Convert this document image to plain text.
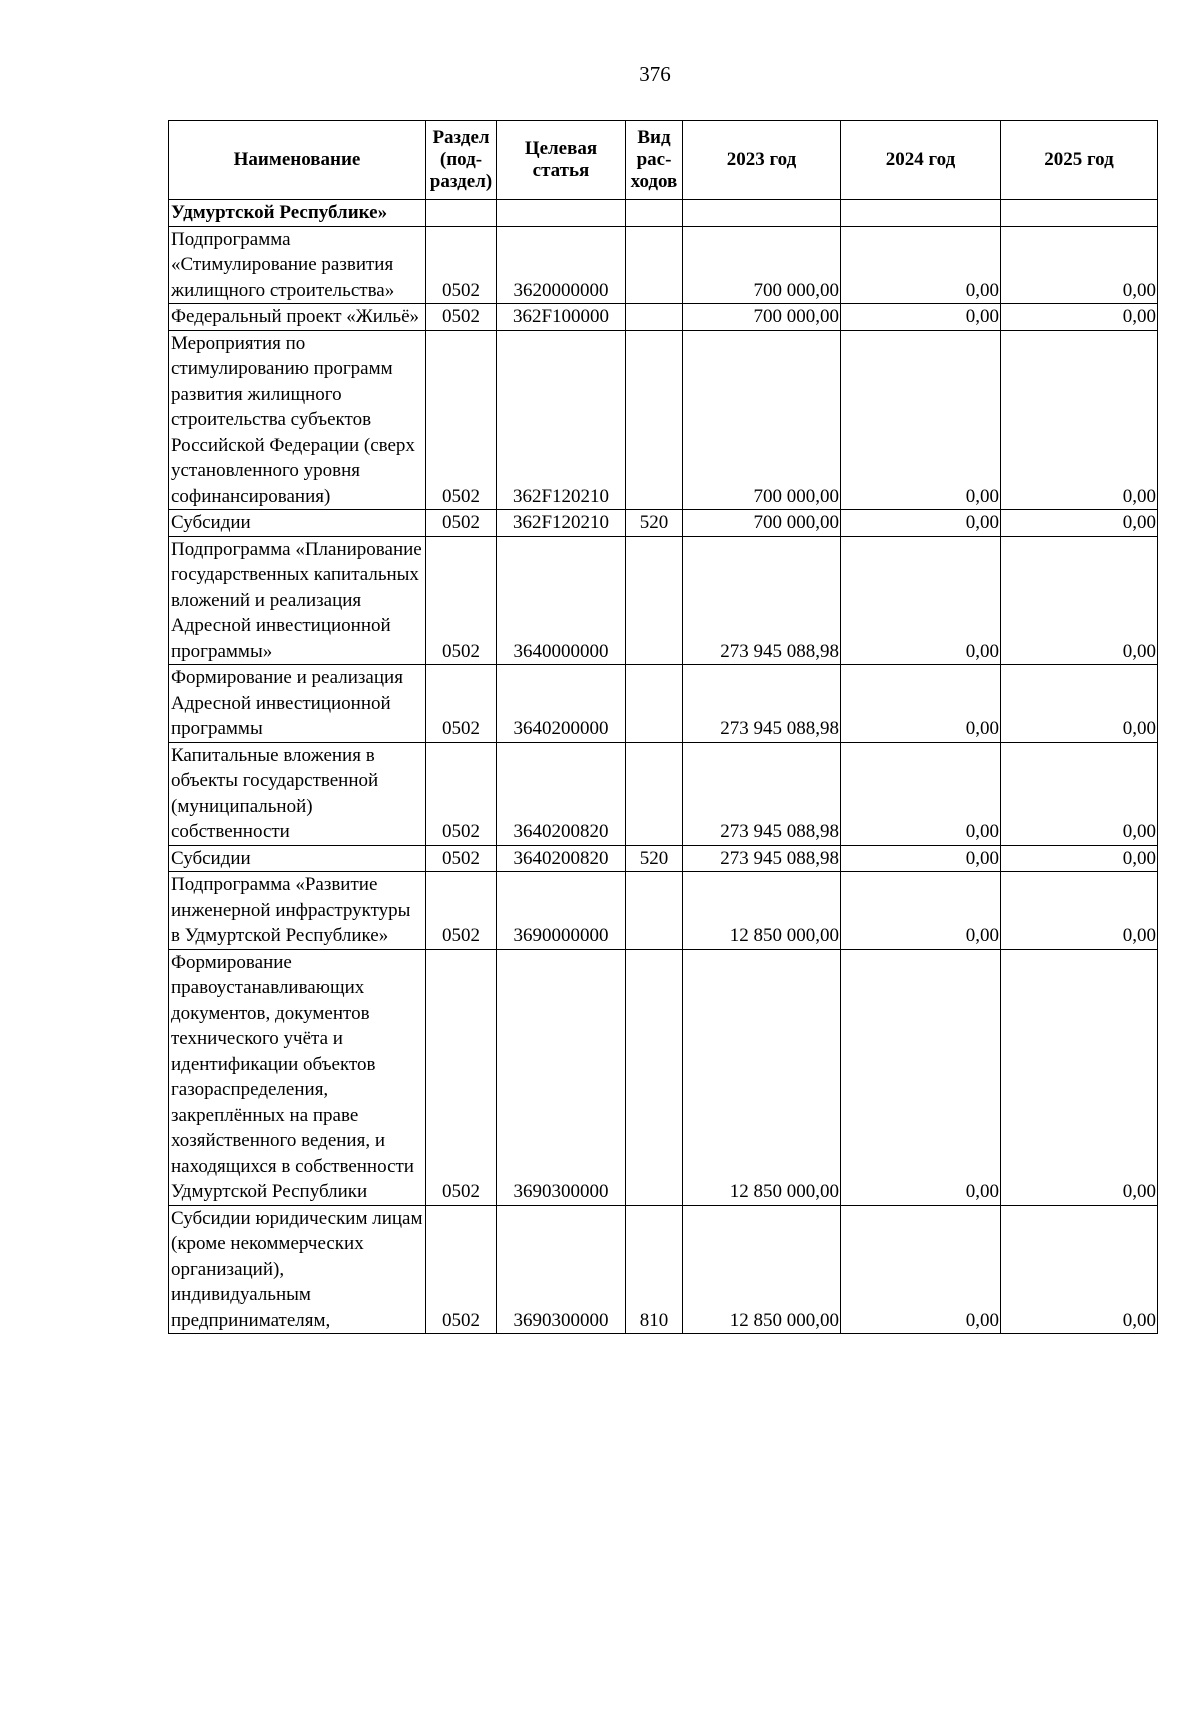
376
Наименование	Раздел (под-раздел)	Целевая статья	Вид рас-ходов	2023 год	2024 год	2025 год
Удмуртской Республике»						
Подпрограмма «Стимулирование развития жилищного строительства»	0502	3620000000		700 000,00	0,00	0,00
Федеральный проект «Жильё»	0502	362F100000		700 000,00	0,00	0,00
Мероприятия по стимулированию программ развития жилищного строительства субъектов Российской Федерации (сверх установленного уровня софинансирования)	0502	362F120210		700 000,00	0,00	0,00
Субсидии	0502	362F120210	520	700 000,00	0,00	0,00
Подпрограмма «Планирование государственных капитальных вложений и реализация Адресной инвестиционной программы»	0502	3640000000		273 945 088,98	0,00	0,00
Формирование и реализация Адресной инвестиционной программы	0502	3640200000		273 945 088,98	0,00	0,00
Капитальные вложения в объекты государственной (муниципальной) собственности	0502	3640200820		273 945 088,98	0,00	0,00
Субсидии	0502	3640200820	520	273 945 088,98	0,00	0,00
Подпрограмма «Развитие инженерной инфраструктуры в Удмуртской Республике»	0502	3690000000		12 850 000,00	0,00	0,00
Формирование правоустанавливающих документов, документов технического учёта и идентификации объектов газораспределения, закреплённых на праве хозяйственного ведения, и находящихся в собственности Удмуртской Республики	0502	3690300000		12 850 000,00	0,00	0,00
Субсидии юридическим лицам (кроме некоммерческих организаций), индивидуальным предпринимателям,	0502	3690300000	810	12 850 000,00	0,00	0,00
